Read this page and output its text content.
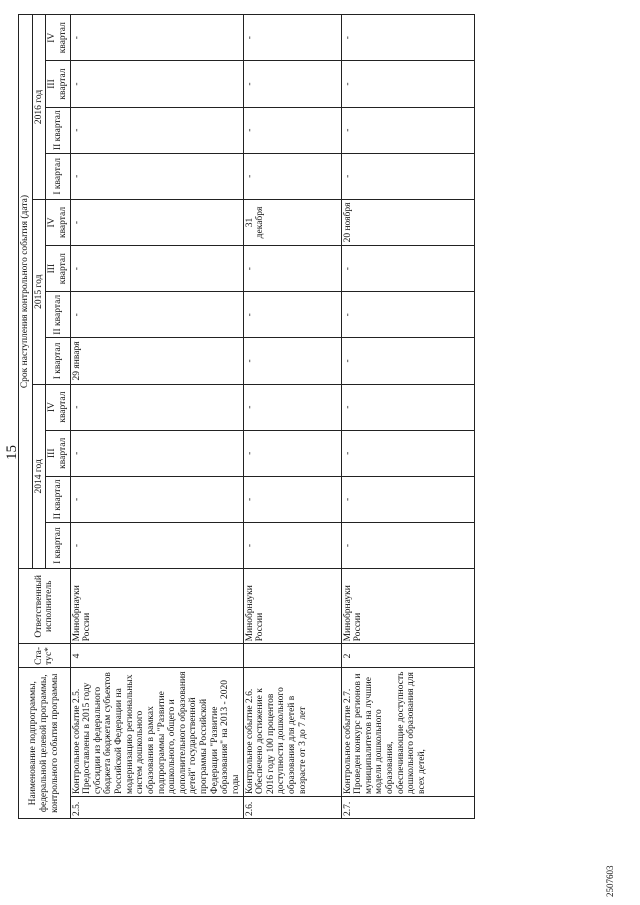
15
Наименование подпрограммы, федеральной целевой программы, контрольного события программы		Ста-тус*	Ответственный исполнитель	Срок наступления контрольного события (дата)											
				2014 год				2015 год				2016 год			
				I квартал	II квартал	III квартал	IV квартал	I квартал	II квартал	III квартал	IV квартал	I квартал	II квартал	III квартал	IV квартал

2.5.	Контрольное событие 2.5. Предоставлены в 2015 году субсидии из федерального бюджета бюджетам субъектов Российской Федерации на модернизацию региональных систем дошкольного образования в рамках подпрограммы "Развитие дошкольного, общего и дополнительного образования детей" государственной программы Российской Федерации "Развитие образования" на 2013 - 2020 годы	4	Минобрнауки России	-	-	-	-	29 января	-	-	-	-	-	-	-
2.6.	Контрольное событие 2.6. Обеспечено достижение к 2016 году 100 процентов доступности дошкольного образования для детей в возрасте от 3 до 7 лет		Минобрнауки России	-	-	-	-	-	-	-	31 декабря	-	-	-	-
2.7.	Контрольное событие 2.7. Проведен конкурс регионов и муниципалитетов на лучшие модели дошкольного образования, обеспечивающие доступность дошкольного образования для всех детей,	2	Минобрнауки России	-	-	-	-	-	-	-	20 ноября	-	-	-	-
2507603
